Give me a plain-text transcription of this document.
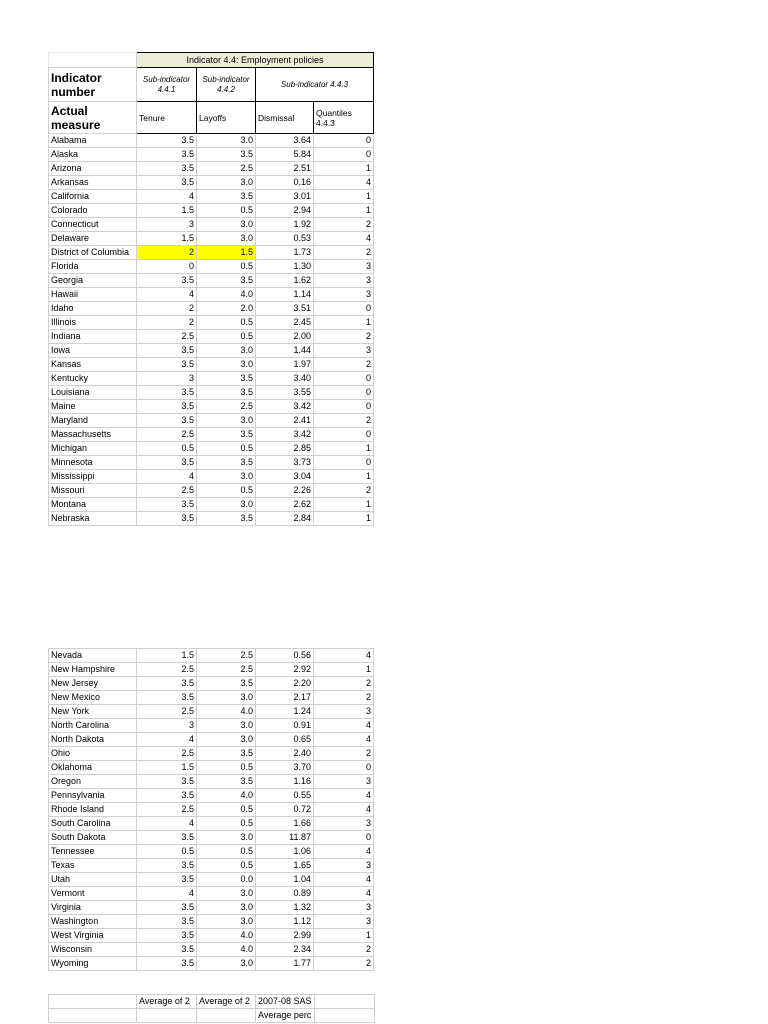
	Indicator 4.4: Employment policies			
Indicator number	Sub-indicator 4.4.1	Sub-indicator 4.4.2	Sub-indicator 4.4.3	
Actual measure	Tenure	Layoffs	Dismissal	Quantiles 4.4.3
Alabama	3.5	3.0	3.64	0
Alaska	3.5	3.5	5.84	0
Arizona	3.5	2.5	2.51	1
Arkansas	3.5	3.0	0.16	4
California	4	3.5	3.01	1
Colorado	1.5	0.5	2.94	1
Connecticut	3	3.0	1.92	2
Delaware	1.5	3.0	0.53	4
District of Columbia	2	1.5	1.73	2
Florida	0	0.5	1.30	3
Georgia	3.5	3.5	1.62	3
Hawaii	4	4.0	1.14	3
Idaho	2	2.0	3.51	0
Illinois	2	0.5	2.45	1
Indiana	2.5	0.5	2.00	2
Iowa	3.5	3.0	1.44	3
Kansas	3.5	3.0	1.97	2
Kentucky	3	3.5	3.40	0
Louisiana	3.5	3.5	3.55	0
Maine	3.5	2.5	3.42	0
Maryland	3.5	3.0	2.41	2
Massachusetts	2.5	3.5	3.42	0
Michigan	0.5	0.5	2.85	1
Minnesota	3.5	3.5	3.73	0
Mississippi	4	3.0	3.04	1
Missouri	2.5	0.5	2.26	2
Montana	3.5	3.0	2.62	1
Nebraska	3.5	3.5	2.84	1
Nevada	1.5	2.5	0.56	4
New Hampshire	2.5	2.5	2.92	1
New Jersey	3.5	3.5	2.20	2
New Mexico	3.5	3.0	2.17	2
New York	2.5	4.0	1.24	3
North Carolina	3	3.0	0.91	4
North Dakota	4	3.0	0.65	4
Ohio	2.5	3.5	2.40	2
Oklahoma	1.5	0.5	3.70	0
Oregon	3.5	3.5	1.16	3
Pennsylvania	3.5	4.0	0.55	4
Rhode Island	2.5	0.5	0.72	4
South Carolina	4	0.5	1.66	3
South Dakota	3.5	3.0	11.87	0
Tennessee	0.5	0.5	1.06	4
Texas	3.5	0.5	1.65	3
Utah	3.5	0.0	1.04	4
Vermont	4	3.0	0.89	4
Virginia	3.5	3.0	1.32	3
Washington	3.5	3.0	1.12	3
West Virginia	3.5	4.0	2.99	1
Wisconsin	3.5	4.0	2.34	2
Wyoming	3.5	3.0	1.77	2
	Average of 2	Average of 2	2007-08 SAS	
			Average perc	
